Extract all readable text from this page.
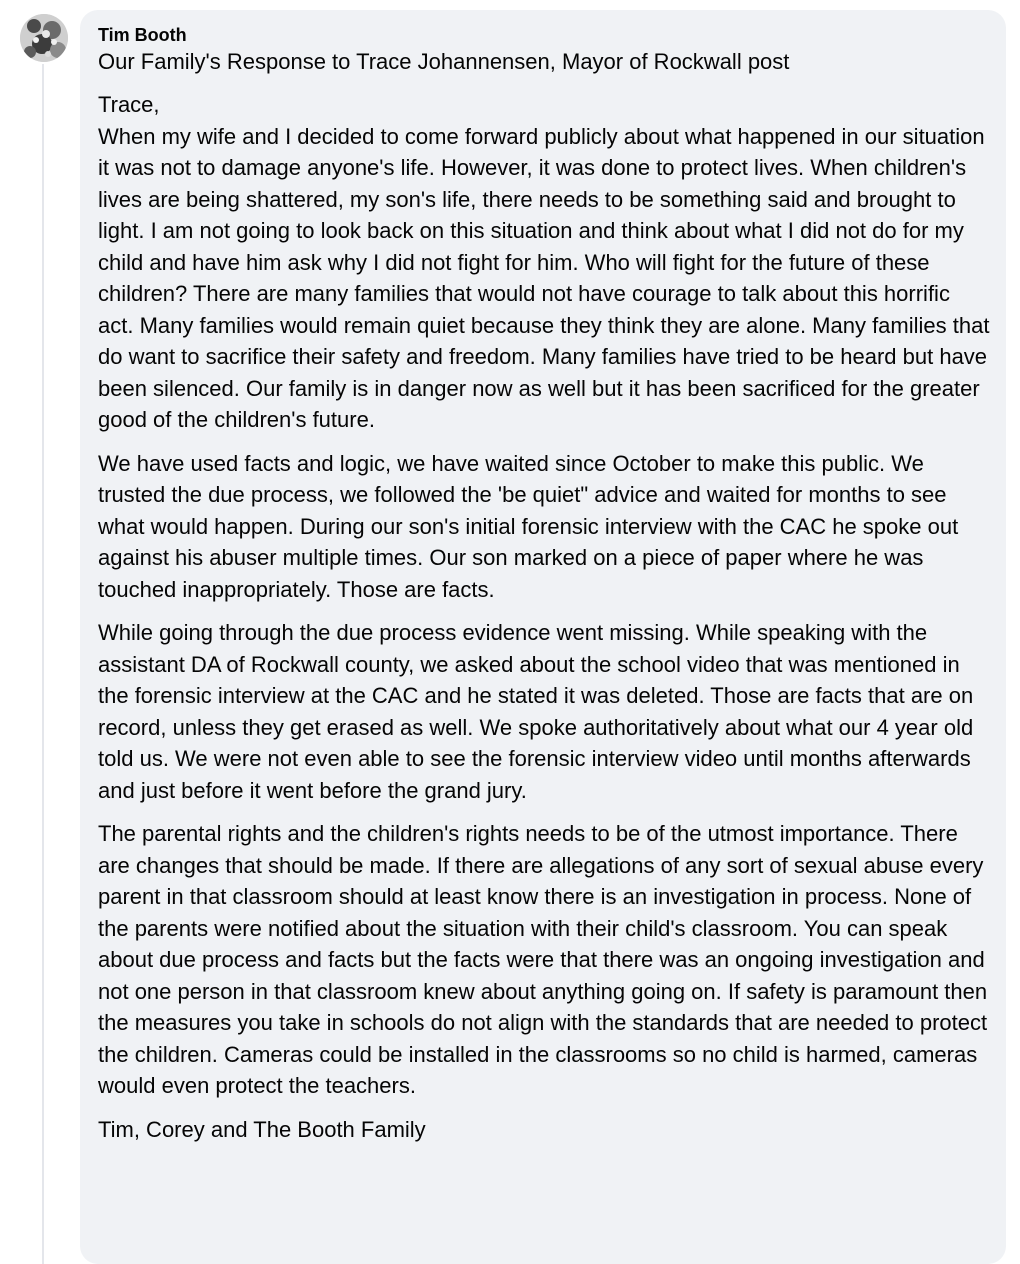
Tim Booth
Our Family's Response to Trace Johannensen, Mayor of Rockwall post

Trace,
When my wife and I decided to come forward publicly about what happened in our situation it was not to damage anyone's life. However, it was done to protect lives. When children's lives are being shattered, my son's life, there needs to be something said and brought to light. I am not going to look back on this situation and think about what I did not do for my child and have him ask why I did not fight for him. Who will fight for the future of these children? There are many families that would not have courage to talk about this horrific act. Many families would remain quiet because they think they are alone. Many families that do want to sacrifice their safety and freedom. Many families have tried to be heard but have been silenced. Our family is in danger now as well but it has been sacrificed for the greater good of the children's future.

We have used facts and logic, we have waited since October to make this public. We trusted the due process, we followed the 'be quiet" advice and waited for months to see what would happen. During our son's initial forensic interview with the CAC he spoke out against his abuser multiple times. Our son marked on a piece of paper where he was touched inappropriately. Those are facts.

While going through the due process evidence went missing. While speaking with the assistant DA of Rockwall county, we asked about the school video that was mentioned in the forensic interview at the CAC and he stated it was deleted. Those are facts that are on record, unless they get erased as well. We spoke authoritatively about what our 4 year old told us. We were not even able to see the forensic interview video until months afterwards and just before it went before the grand jury.

The parental rights and the children's rights needs to be of the utmost importance. There are changes that should be made. If there are allegations of any sort of sexual abuse every parent in that classroom should at least know there is an investigation in process. None of the parents were notified about the situation with their child's classroom. You can speak about due process and facts but the facts were that there was an ongoing investigation and not one person in that classroom knew about anything going on. If safety is paramount then the measures you take in schools do not align with the standards that are needed to protect the children. Cameras could be installed in the classrooms so no child is harmed, cameras would even protect the teachers.

Tim, Corey and The Booth Family
